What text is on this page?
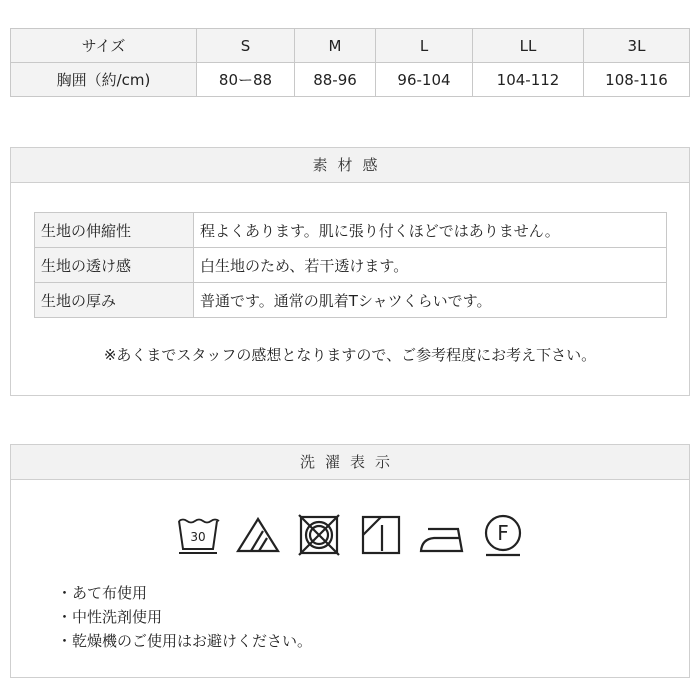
サイズ	S	M	L	LL	3L
胸囲（約/cm)	80ー88	88-96	96-104	104-112	108-116
素材感
生地の伸縮性	程よくあります。肌に張り付くほどではありません。
生地の透け感	白生地のため、若干透けます。
生地の厚み	普通です。通常の肌着Tシャツくらいです。
※あくまでスタッフの感想となりますので、ご参考程度にお考え下さい。
洗濯表示
30

	F
・ あて布使用
・ 中性洗剤使用
・ 乾燥機のご使用はお避けください。
